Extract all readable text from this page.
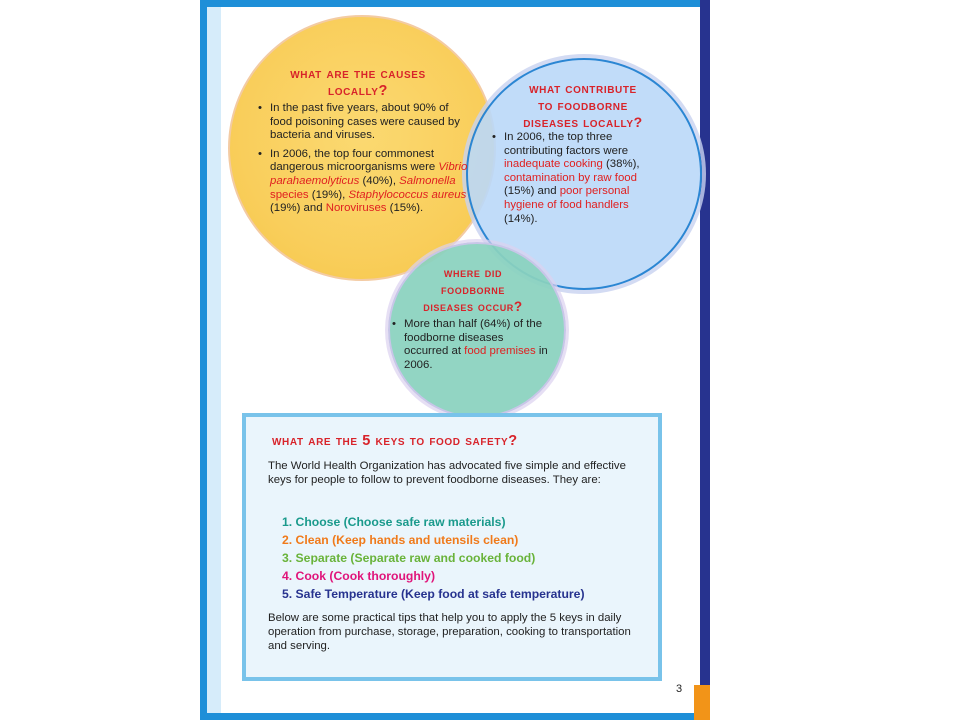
what are the causes
locally?

• In the past five years, about 90% of food poisoning cases were caused by bacteria and viruses.

• In 2006, the top four commonest dangerous microorganisms were Vibrio parahaemolyticus (40%), Salmonella species (19%), Staphylococcus aureus (19%) and Noroviruses (15%).

what contribute
to foodborne
diseases locally?

• In 2006, the top three contributing factors were inadequate cooking (38%), contamination by raw food (15%) and poor personal hygiene of food handlers (14%).

where did
foodborne
diseases occur?

• More than half (64%) of the foodborne diseases occurred at food premises in 2006.

what are the 5 keys to food safety?
The World Health Organization has advocated five simple and effective keys for people to follow to prevent foodborne diseases. They are:
1. Choose (Choose safe raw materials)
2. Clean (Keep hands and utensils clean)
3. Separate (Separate raw and cooked food)
4. Cook (Cook thoroughly)
5. Safe Temperature (Keep food at safe temperature)
Below are some practical tips that help you to apply the 5 keys in daily operation from purchase, storage, preparation, cooking to transportation and serving.
3
